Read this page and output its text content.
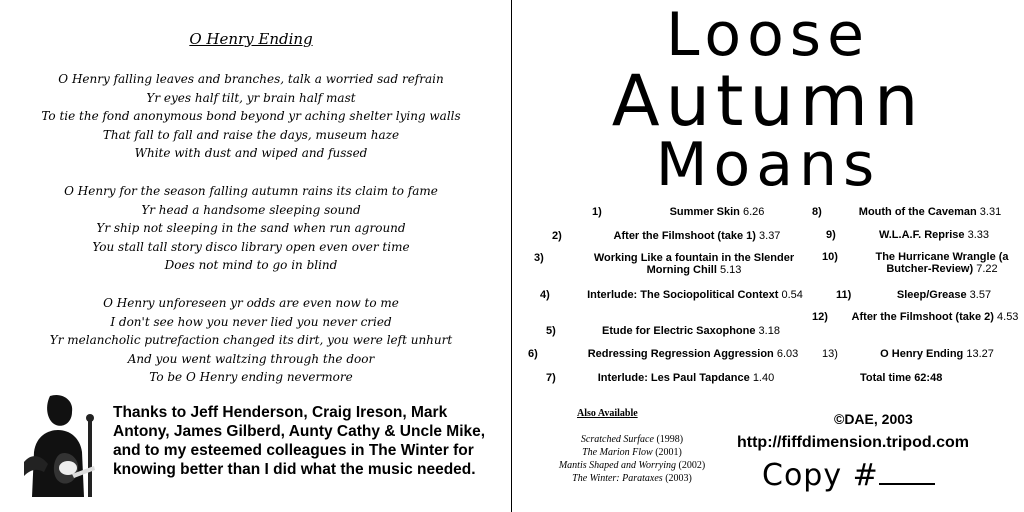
O Henry Ending
O Henry falling leaves and branches, talk a worried sad refrain
Yr eyes half tilt, yr brain half mast
To tie the fond anonymous bond beyond yr aching shelter lying walls
That fall to fall and raise the days, museum haze
White with dust and wiped and fussed
O Henry for the season falling autumn rains its claim to fame
Yr head a handsome sleeping sound
Yr ship not sleeping in the sand when run aground
You stall tall story disco library open even over time
Does not mind to go in blind
O Henry unforeseen yr odds are even now to me
I don't see how you never lied you never cried
Yr melancholic putrefaction changed its dirt, you were left unhurt
And you went waltzing through the door
To be O Henry ending nevermore
Thanks to Jeff Henderson, Craig Ireson, Mark Antony, James Gilberd, Aunty Cathy & Uncle Mike, and to my esteemed colleagues in The Winter for knowing better than I did what the music needed.
Loose
Autumn
Moans
1)	Summer Skin 6.26
2)	After the Filmshoot (take 1) 3.37
3)	Working Like a fountain in the Slender Morning Chill 5.13
4)	Interlude: The Sociopolitical Context 0.54
5)	Etude for Electric Saxophone 3.18
6)	Redressing Regression Aggression 6.03
7)	Interlude: Les Paul Tapdance 1.40
8)	Mouth of the Caveman 3.31
9)	W.L.A.F. Reprise 3.33
10)	The Hurricane Wrangle (a Butcher-Review) 7.22
11)	Sleep/Grease 3.57
12)	After the Filmshoot (take 2) 4.53
13)	O Henry Ending 13.27
Total time 62:48
Also Available
Scratched Surface (1998)
The Marion Flow (2001)
Mantis Shaped and Worrying (2002)
The Winter: Parataxes (2003)
©DAE, 2003
http://fiffdimension.tripod.com
Copy #
